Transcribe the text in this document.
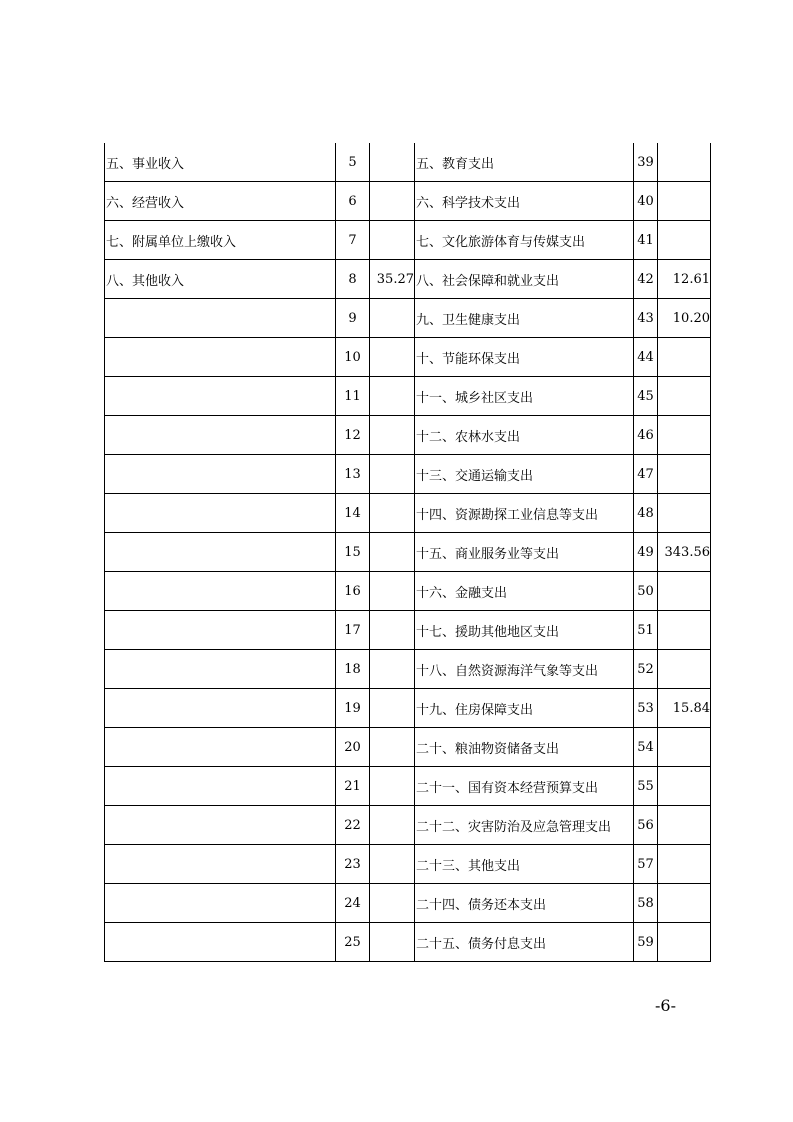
五、事业收入	5		五、教育支出	39	
六、经营收入	6		六、科学技术支出	40	
七、附属单位上缴收入	7		七、文化旅游体育与传媒支出	41	
八、其他收入	8	35.27	八、社会保障和就业支出	42	12.61
	9		九、卫生健康支出	43	10.20
	10		十、节能环保支出	44	
	11		十一、城乡社区支出	45	
	12		十二、农林水支出	46	
	13		十三、交通运输支出	47	
	14		十四、资源勘探工业信息等支出	48	
	15		十五、商业服务业等支出	49	343.56
	16		十六、金融支出	50	
	17		十七、援助其他地区支出	51	
	18		十八、自然资源海洋气象等支出	52	
	19		十九、住房保障支出	53	15.84
	20		二十、粮油物资储备支出	54	
	21		二十一、国有资本经营预算支出	55	
	22		二十二、灾害防治及应急管理支出	56	
	23		二十三、其他支出	57	
	24		二十四、债务还本支出	58	
	25		二十五、债务付息支出	59	
-6-
